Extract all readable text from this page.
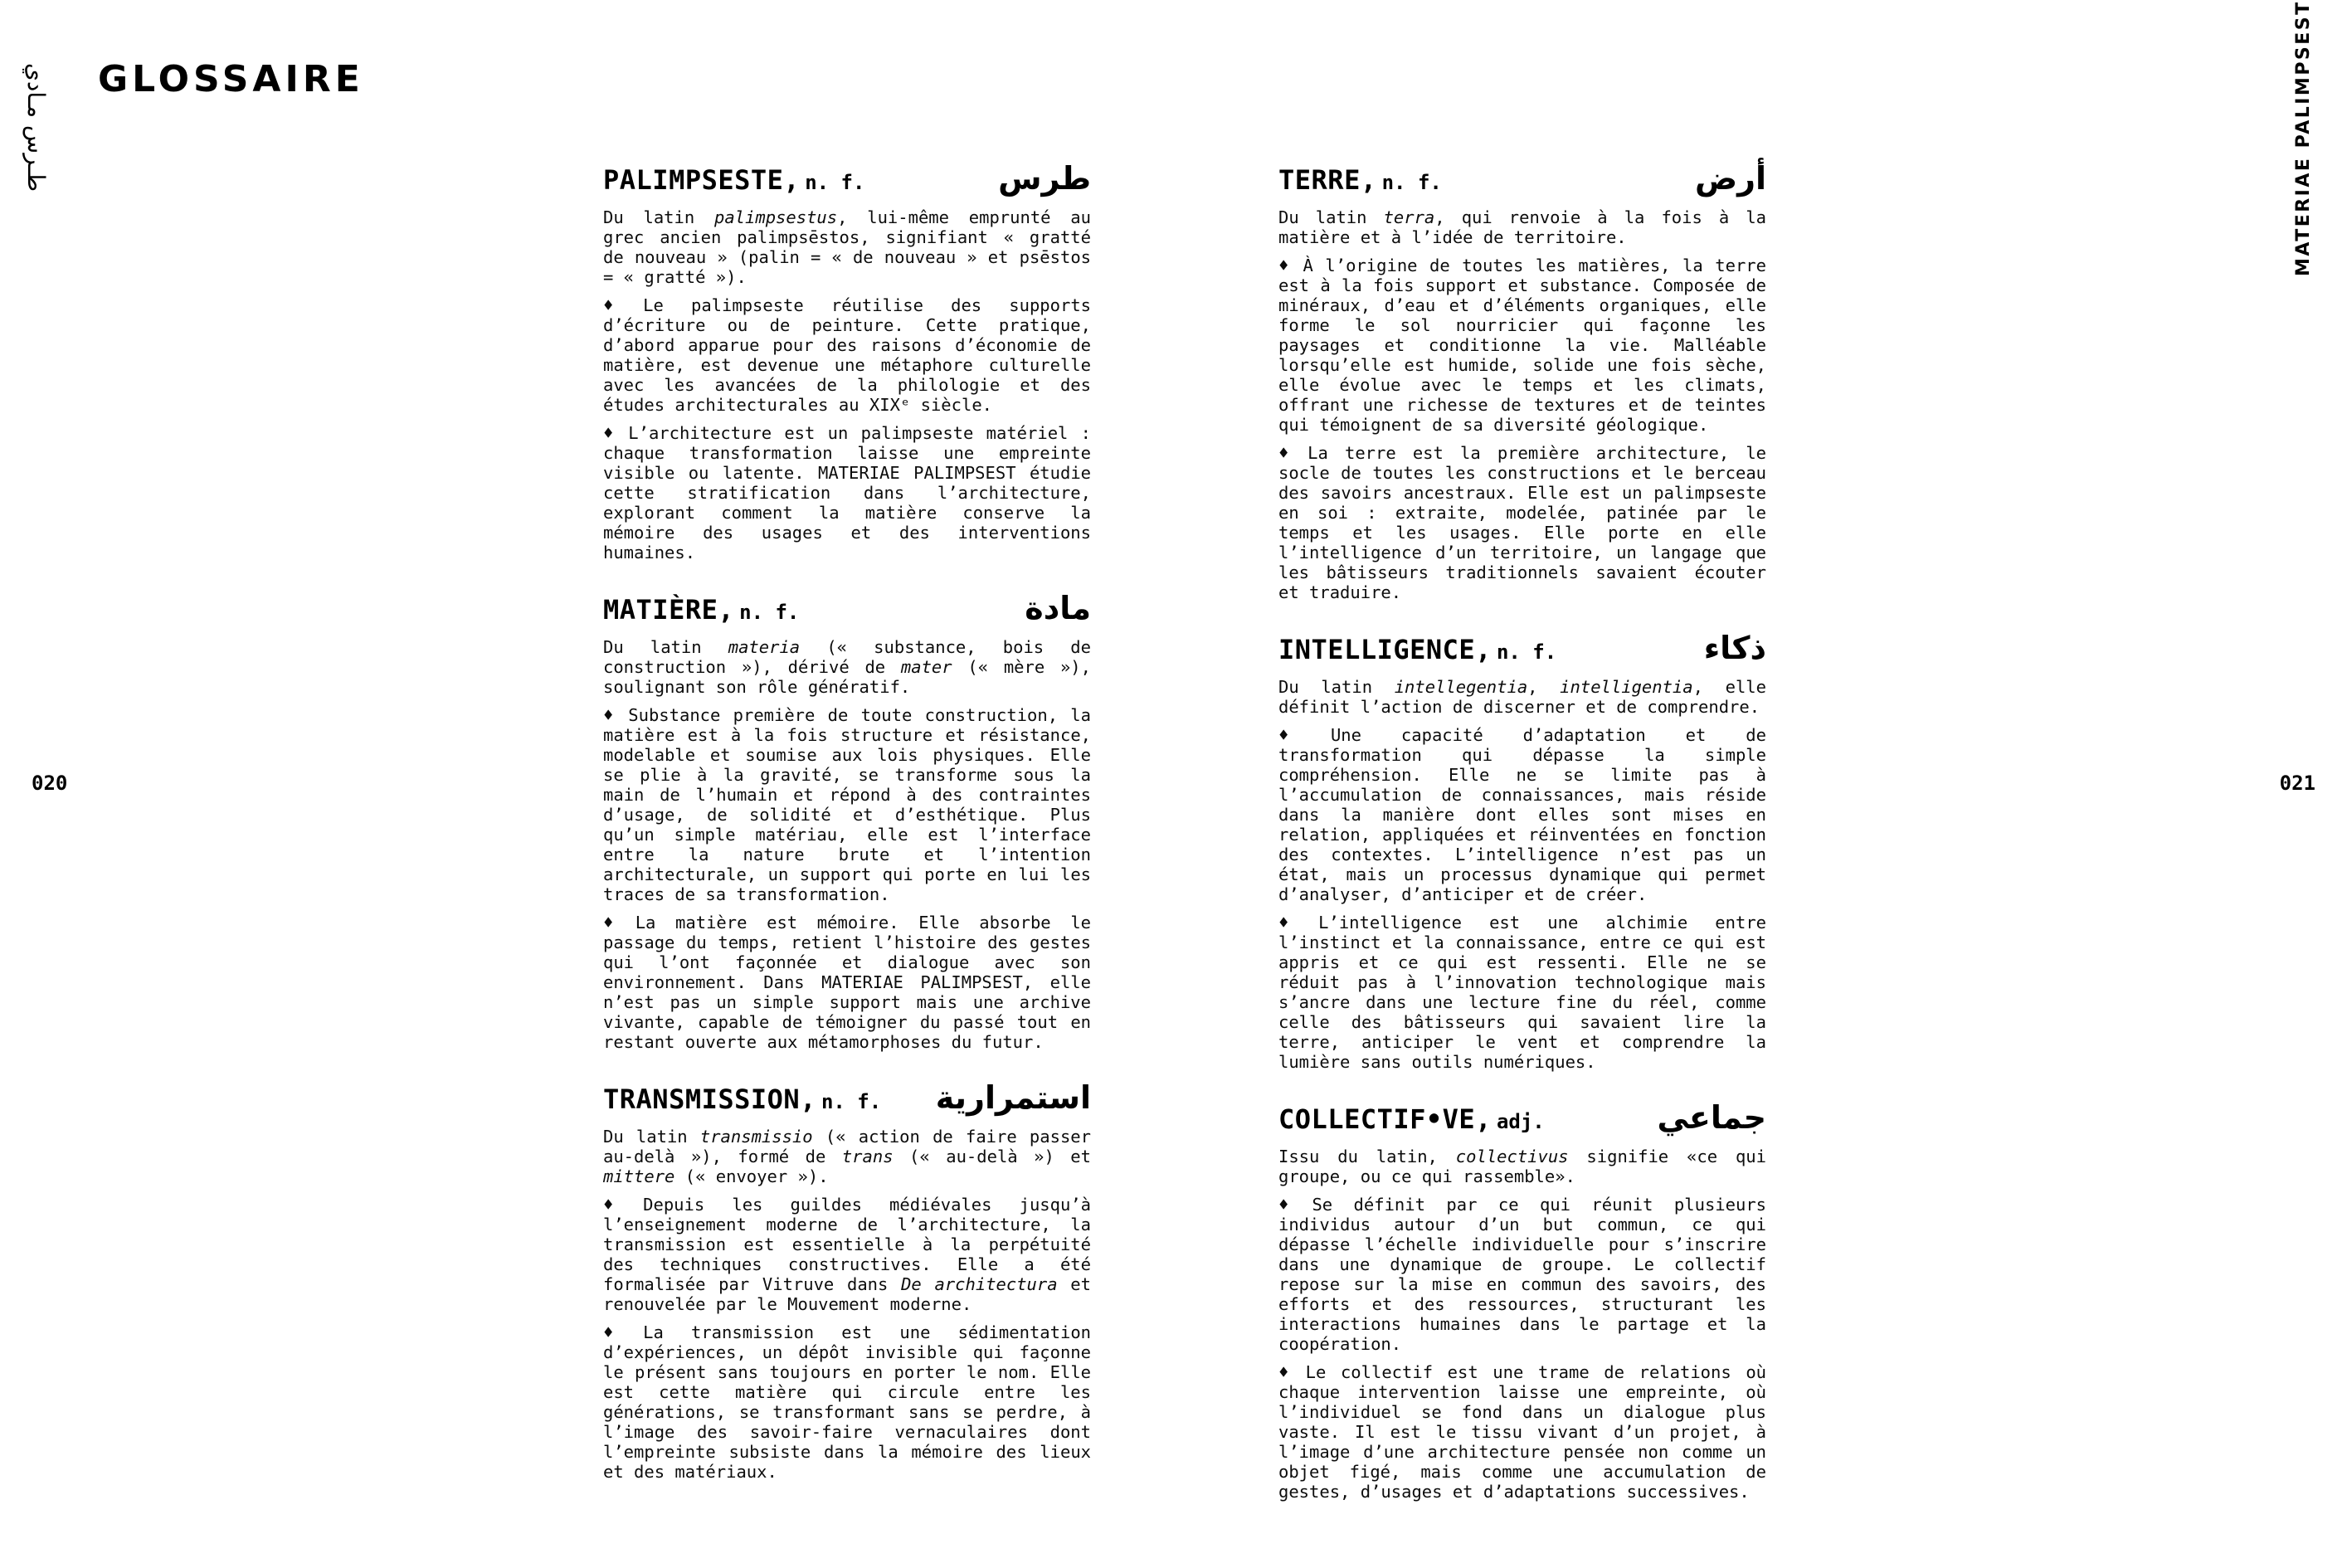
GLOSSAIRE
طـرس مـادي	MATERIAE PALIMPSEST
020	021
PALIMPSESTE, n. f.	طرس

Du latin palimpsestus, lui-même emprunté au grec ancien palimpsēstos, signifiant « gratté de nouveau » (palin = « de nouveau » et psēstos = « gratté »).

♦ Le palimpseste réutilise des supports d’écriture ou de peinture. Cette pratique, d’abord apparue pour des raisons d’économie de matière, est devenue une métaphore culturelle avec les avancées de la philologie et des études architecturales au XIXᵉ siècle.

♦ L’architecture est un palimpseste matériel : chaque transformation laisse une empreinte visible ou latente. MATERIAE PALIMPSEST étudie cette stratification dans l’architecture, explorant comment la matière conserve la mémoire des usages et des interventions humaines.

MATIÈRE, n. f.	مادة

Du latin materia (« substance, bois de construction »), dérivé de mater (« mère »), soulignant son rôle génératif.

♦ Substance première de toute construction, la matière est à la fois structure et résistance, modelable et soumise aux lois physiques. Elle se plie à la gravité, se transforme sous la main de l’humain et répond à des contraintes d’usage, de solidité et d’esthétique. Plus qu’un simple matériau, elle est l’interface entre la nature brute et l’intention architecturale, un support qui porte en lui les traces de sa transformation.

♦ La matière est mémoire. Elle absorbe le passage du temps, retient l’histoire des gestes qui l’ont façonnée et dialogue avec son environnement. Dans MATERIAE PALIMPSEST, elle n’est pas un simple support mais une archive vivante, capable de témoigner du passé tout en restant ouverte aux métamorphoses du futur.

TRANSMISSION, n. f. استمرارية

Du latin transmissio (« action de faire passer au-delà »), formé de trans (« au-delà ») et mittere (« envoyer »).

♦ Depuis les guildes médiévales jusqu’à l’enseignement moderne de l’architecture, la transmission est essentielle à la perpétuité des techniques constructives. Elle a été formalisée par Vitruve dans De architectura et renouvelée par le Mouvement moderne.

♦ La transmission est une sédimentation d’expériences, un dépôt invisible qui façonne le présent sans toujours en porter le nom. Elle est cette matière qui circule entre les générations, se transformant sans se perdre, à l’image des savoir-faire vernaculaires dont l’empreinte subsiste dans la mémoire des lieux et des matériaux.

TERRE, n. f.	أرض

Du latin terra, qui renvoie à la fois à la matière et à l’idée de territoire.

♦ À l’origine de toutes les matières, la terre est à la fois support et substance. Composée de minéraux, d’eau et d’éléments organiques, elle forme le sol nourricier qui façonne les paysages et conditionne la vie. Malléable lorsqu’elle est humide, solide une fois sèche, elle évolue avec le temps et les climats, offrant une richesse de textures et de teintes qui témoignent de sa diversité géologique.

♦ La terre est la première architecture, le socle de toutes les constructions et le berceau des savoirs ancestraux. Elle est un palimpseste en soi : extraite, modelée, patinée par le temps et les usages. Elle porte en elle l’intelligence d’un territoire, un langage que les bâtisseurs traditionnels savaient écouter et traduire.

INTELLIGENCE, n. f.	ذكاء

Du latin intellegentia, intelligentia, elle définit l’action de discerner et de comprendre.

♦ Une capacité d’adaptation et de transformation qui dépasse la simple compréhension. Elle ne se limite pas à l’accumulation de connaissances, mais réside dans la manière dont elles sont mises en relation, appliquées et réinventées en fonction des contextes. L’intelligence n’est pas un état, mais un processus dynamique qui permet d’analyser, d’anticiper et de créer.

♦ L’intelligence est une alchimie entre l’instinct et la connaissance, entre ce qui est appris et ce qui est ressenti. Elle ne se réduit pas à l’innovation technologique mais s’ancre dans une lecture fine du réel, comme celle des bâtisseurs qui savaient lire la terre, anticiper le vent et comprendre la lumière sans outils numériques.

COLLECTIF•VE, adj.	جماعي

Issu du latin, collectivus signifie «ce qui groupe, ou ce qui rassemble».

♦ Se définit par ce qui réunit plusieurs individus autour d’un but commun, ce qui dépasse l’échelle individuelle pour s’inscrire dans une dynamique de groupe. Le collectif repose sur la mise en commun des savoirs, des efforts et des ressources, structurant les interactions humaines dans le partage et la coopération.

♦ Le collectif est une trame de relations où chaque intervention laisse une empreinte, où l’individuel se fond dans un dialogue plus vaste. Il est le tissu vivant d’un projet, à l’image d’une architecture pensée non comme un objet figé, mais comme une accumulation de gestes, d’usages et d’adaptations successives.
